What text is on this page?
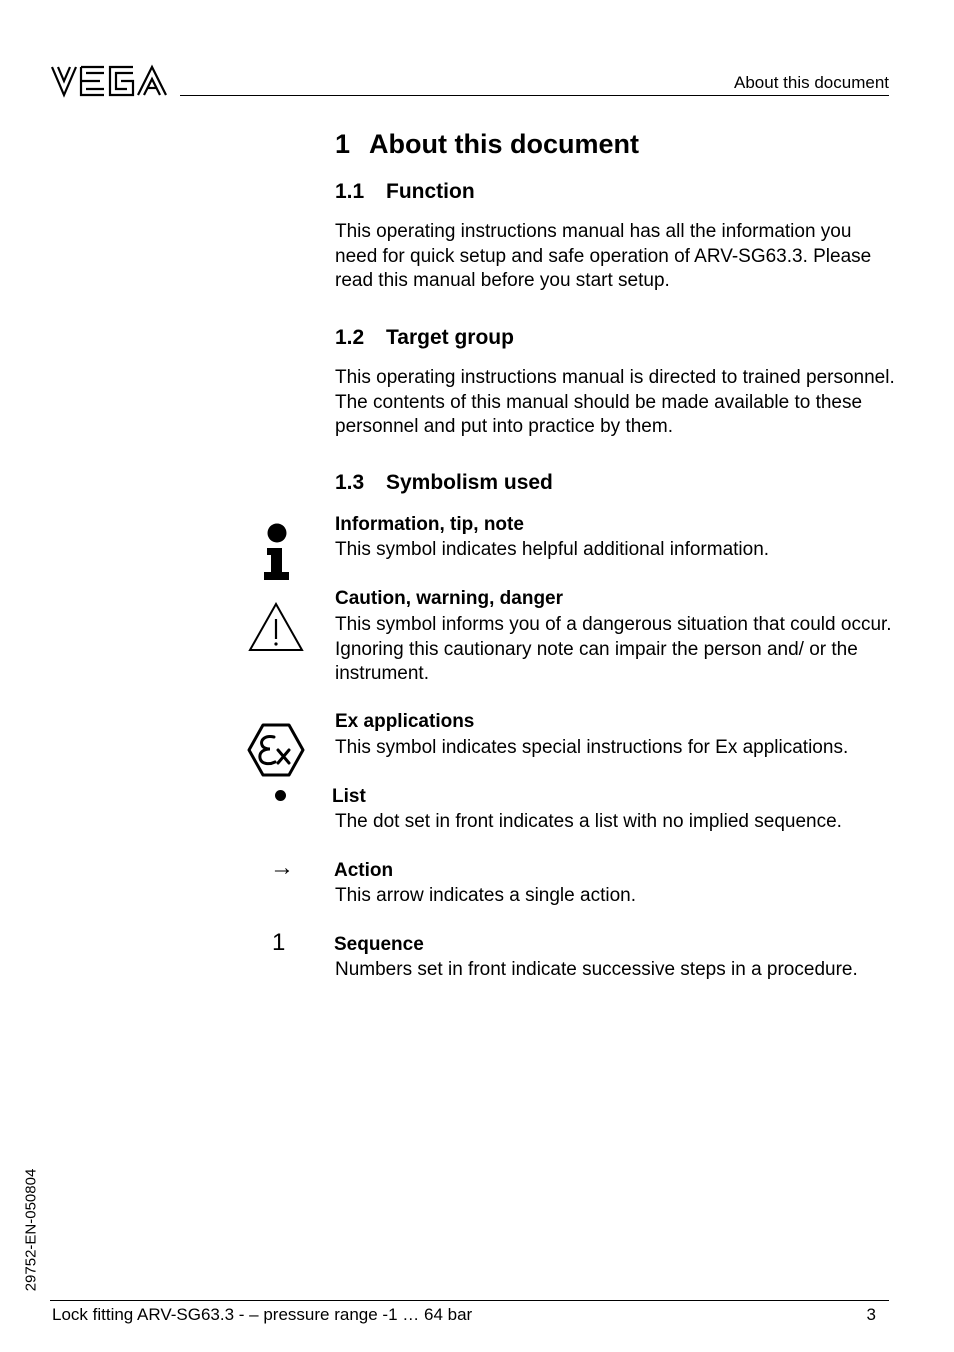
About this document
1 About this document
1.1 Function
This operating instructions manual has all the information you need for quick setup and safe operation of ARV-SG63.3. Please read this manual before you start setup.
1.2 Target group
This operating instructions manual is directed to trained personnel. The contents of this manual should be made available to these personnel and put into practice by them.
1.3 Symbolism used
Information, tip, note
This symbol indicates helpful additional information.
Caution, warning, danger
This symbol informs you of a dangerous situation that could occur. Ignoring this cautionary note can impair the person and/ or the instrument.
Ex applications
This symbol indicates special instructions for Ex applications.
List
The dot set in front indicates a list with no implied sequence.
→ Action
This arrow indicates a single action.
1	Sequence
Numbers set in front indicate successive steps in a procedure.
29752-EN-050804
Lock fitting ARV-SG63.3 - – pressure range -1 … 64 bar	3
